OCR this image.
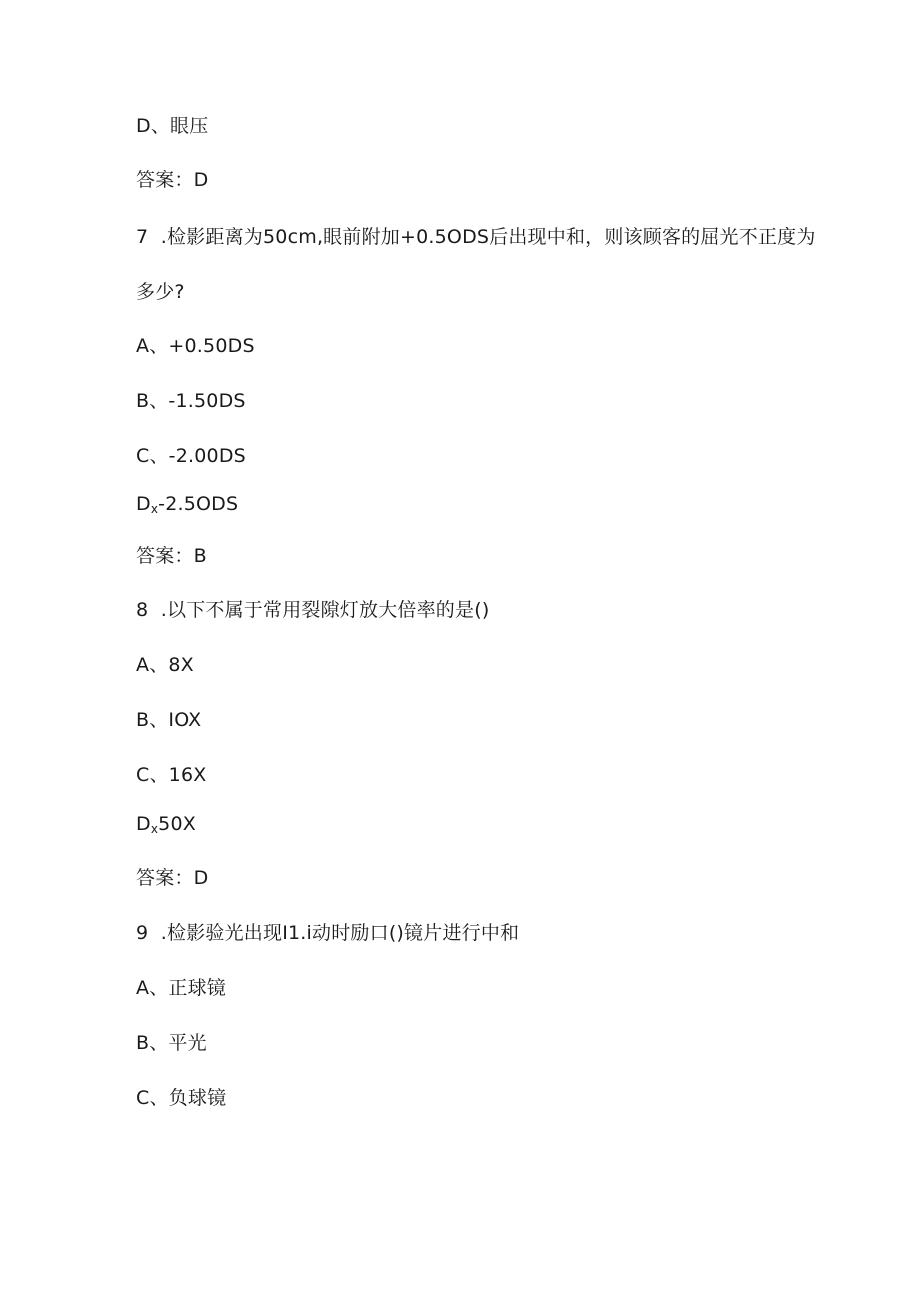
D、眼压
答案：D
7  .检影距离为50cm,眼前附加+0.5ODS后出现中和，则该顾客的屈光不正度为
多少?
A、+0.50DS
B、-1.50DS
C、-2.00DS
$D_x-2.5ODS$
答案：B
8  .以下不属于常用裂隙灯放大倍率的是()
A、8X
B、IOX
C、16X
$D_x50X$
答案：D
9  .检影验光出现I1.i动时励口()镜片进行中和
A、正球镜
B、平光
C、负球镜
